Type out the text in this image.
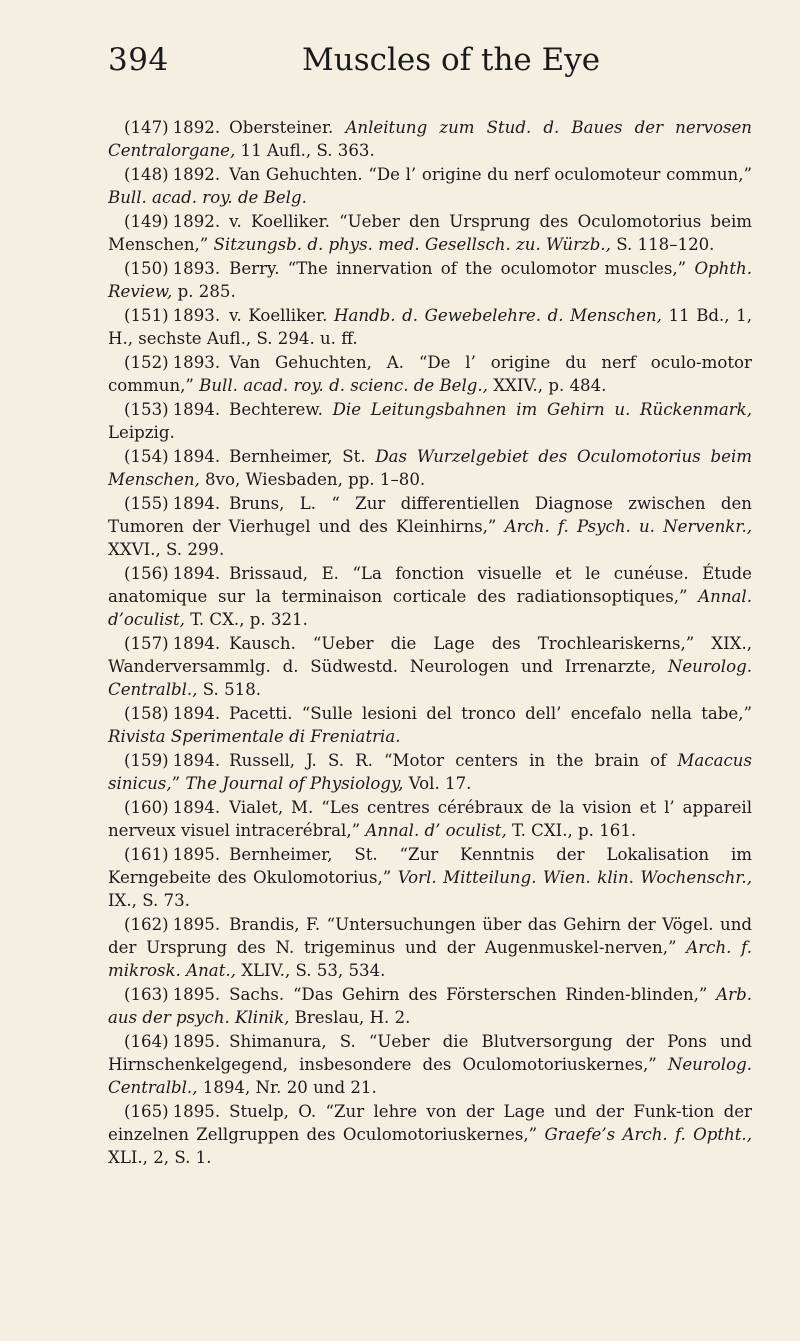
394	Muscles of the Eye

(147) 1892. Obersteiner. Anleitung zum Stud. d. Baues der nervosen Centralorgane, 11 Aufl., S. 363.

(148) 1892. Van Gehuchten. “De l’ origine du nerf oculomoteur commun,” Bull. acad. roy. de Belg.

(149) 1892. v. Koelliker. “Ueber den Ursprung des Oculomotorius beim Menschen,” Sitzungsb. d. phys. med. Gesellsch. zu. Würzb., S. 118–120.

(150) 1893. Berry. “The innervation of the oculomotor muscles,” Ophth. Review, p. 285.

(151) 1893. v. Koelliker. Handb. d. Gewebelehre. d. Menschen, 11 Bd., 1, H., sechste Aufl., S. 294. u. ff.

(152) 1893. Van Gehuchten, A. “De l’ origine du nerf oculo-motor commun,” Bull. acad. roy. d. scienc. de Belg., XXIV., p. 484.

(153) 1894. Bechterew. Die Leitungsbahnen im Gehirn u. Rückenmark, Leipzig.

(154) 1894. Bernheimer, St. Das Wurzelgebiet des Oculomotorius beim Menschen, 8vo, Wiesbaden, pp. 1–80.

(155) 1894. Bruns, L. “ Zur differentiellen Diagnose zwischen den Tumoren der Vierhugel und des Kleinhirns,” Arch. f. Psych. u. Nervenkr., XXVI., S. 299.

(156) 1894. Brissaud, E. “La fonction visuelle et le cunéuse. Étude anatomique sur la terminaison corticale des radiationsoptiques,” Annal. d’oculist, T. CX., p. 321.

(157) 1894. Kausch. “Ueber die Lage des Trochleariskerns,” XIX., Wanderversammlg. d. Südwestd. Neurologen und Irrenarzte, Neurolog. Centralbl., S. 518.

(158) 1894. Pacetti. “Sulle lesioni del tronco dell’ encefalo nella tabe,” Rivista Sperimentale di Freniatria.

(159) 1894. Russell, J. S. R. “Motor centers in the brain of Macacus sinicus,” The Journal of Physiology, Vol. 17.

(160) 1894. Vialet, M. “Les centres cérébraux de la vision et l’ appareil nerveux visuel intracerébral,” Annal. d’ oculist, T. CXI., p. 161.

(161) 1895. Bernheimer, St. “Zur Kenntnis der Lokalisation im Kerngebeite des Okulomotorius,” Vorl. Mitteilung. Wien. klin. Wochenschr., IX., S. 73.

(162) 1895. Brandis, F. “Untersuchungen über das Gehirn der Vögel. und der Ursprung des N. trigeminus und der Augenmuskel-nerven,” Arch. f. mikrosk. Anat., XLIV., S. 53, 534.

(163) 1895. Sachs. “Das Gehirn des Försterschen Rinden-blinden,” Arb. aus der psych. Klinik, Breslau, H. 2.

(164) 1895. Shimanura, S. “Ueber die Blutversorgung der Pons und Hirnschenkelgegend, insbesondere des Oculomotoriuskernes,” Neurolog. Centralbl., 1894, Nr. 20 und 21.

(165) 1895. Stuelp, O. “Zur lehre von der Lage und der Funk-tion der einzelnen Zellgruppen des Oculomotoriuskernes,” Graefe’s Arch. f. Optht., XLI., 2, S. 1.
